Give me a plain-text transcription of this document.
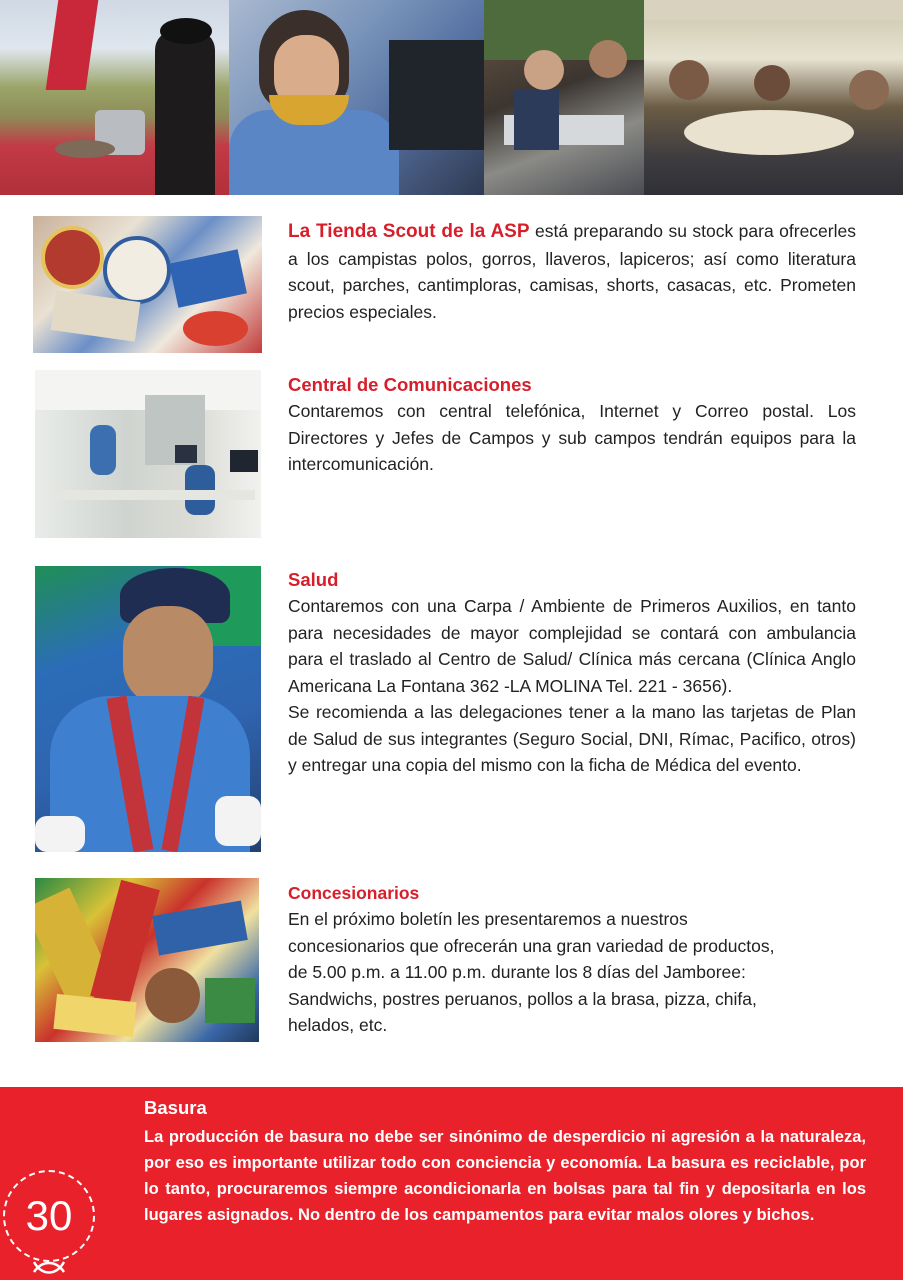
La Tienda Scout de la ASP está preparando su stock para ofrecerles a los campistas polos, gorros, llaveros, lapiceros; así como literatura scout, parches, cantimploras, camisas, shorts, casacas, etc. Prometen precios especiales.
Central de Comunicaciones
Contaremos con central telefónica, Internet y Correo postal. Los Directores y Jefes de Campos y sub campos tendrán equipos para la intercomunicación.
Salud
Contaremos con una Carpa / Ambiente de Primeros Auxilios, en tanto para necesidades de mayor complejidad se contará con ambulancia para el traslado al Centro de Salud/ Clínica más cercana (Clínica Anglo Americana La Fontana 362 -LA MOLINA Tel. 221 - 3656).
Se recomienda a las delegaciones tener a la mano las tarjetas de Plan de Salud de sus integrantes (Seguro Social, DNI, Rímac, Pacifico, otros) y entregar una copia del mismo con la ficha de Médica del evento.
Concesionarios
En el próximo boletín les presentaremos a nuestros
concesionarios que ofrecerán una gran variedad de productos,
de 5.00 p.m. a 11.00 p.m. durante los 8 días del Jamboree:
Sandwichs, postres peruanos, pollos a la brasa, pizza, chifa,
helados, etc.
Basura
La producción de basura no debe ser sinónimo de desperdicio ni agresión a la naturaleza, por eso es importante utilizar todo con conciencia y economía. La basura es reciclable, por lo tanto, procuraremos siempre acondicionarla en bolsas para tal fin y depositarla en los lugares asignados. No dentro de los campamentos para evitar malos olores y bichos.
30
